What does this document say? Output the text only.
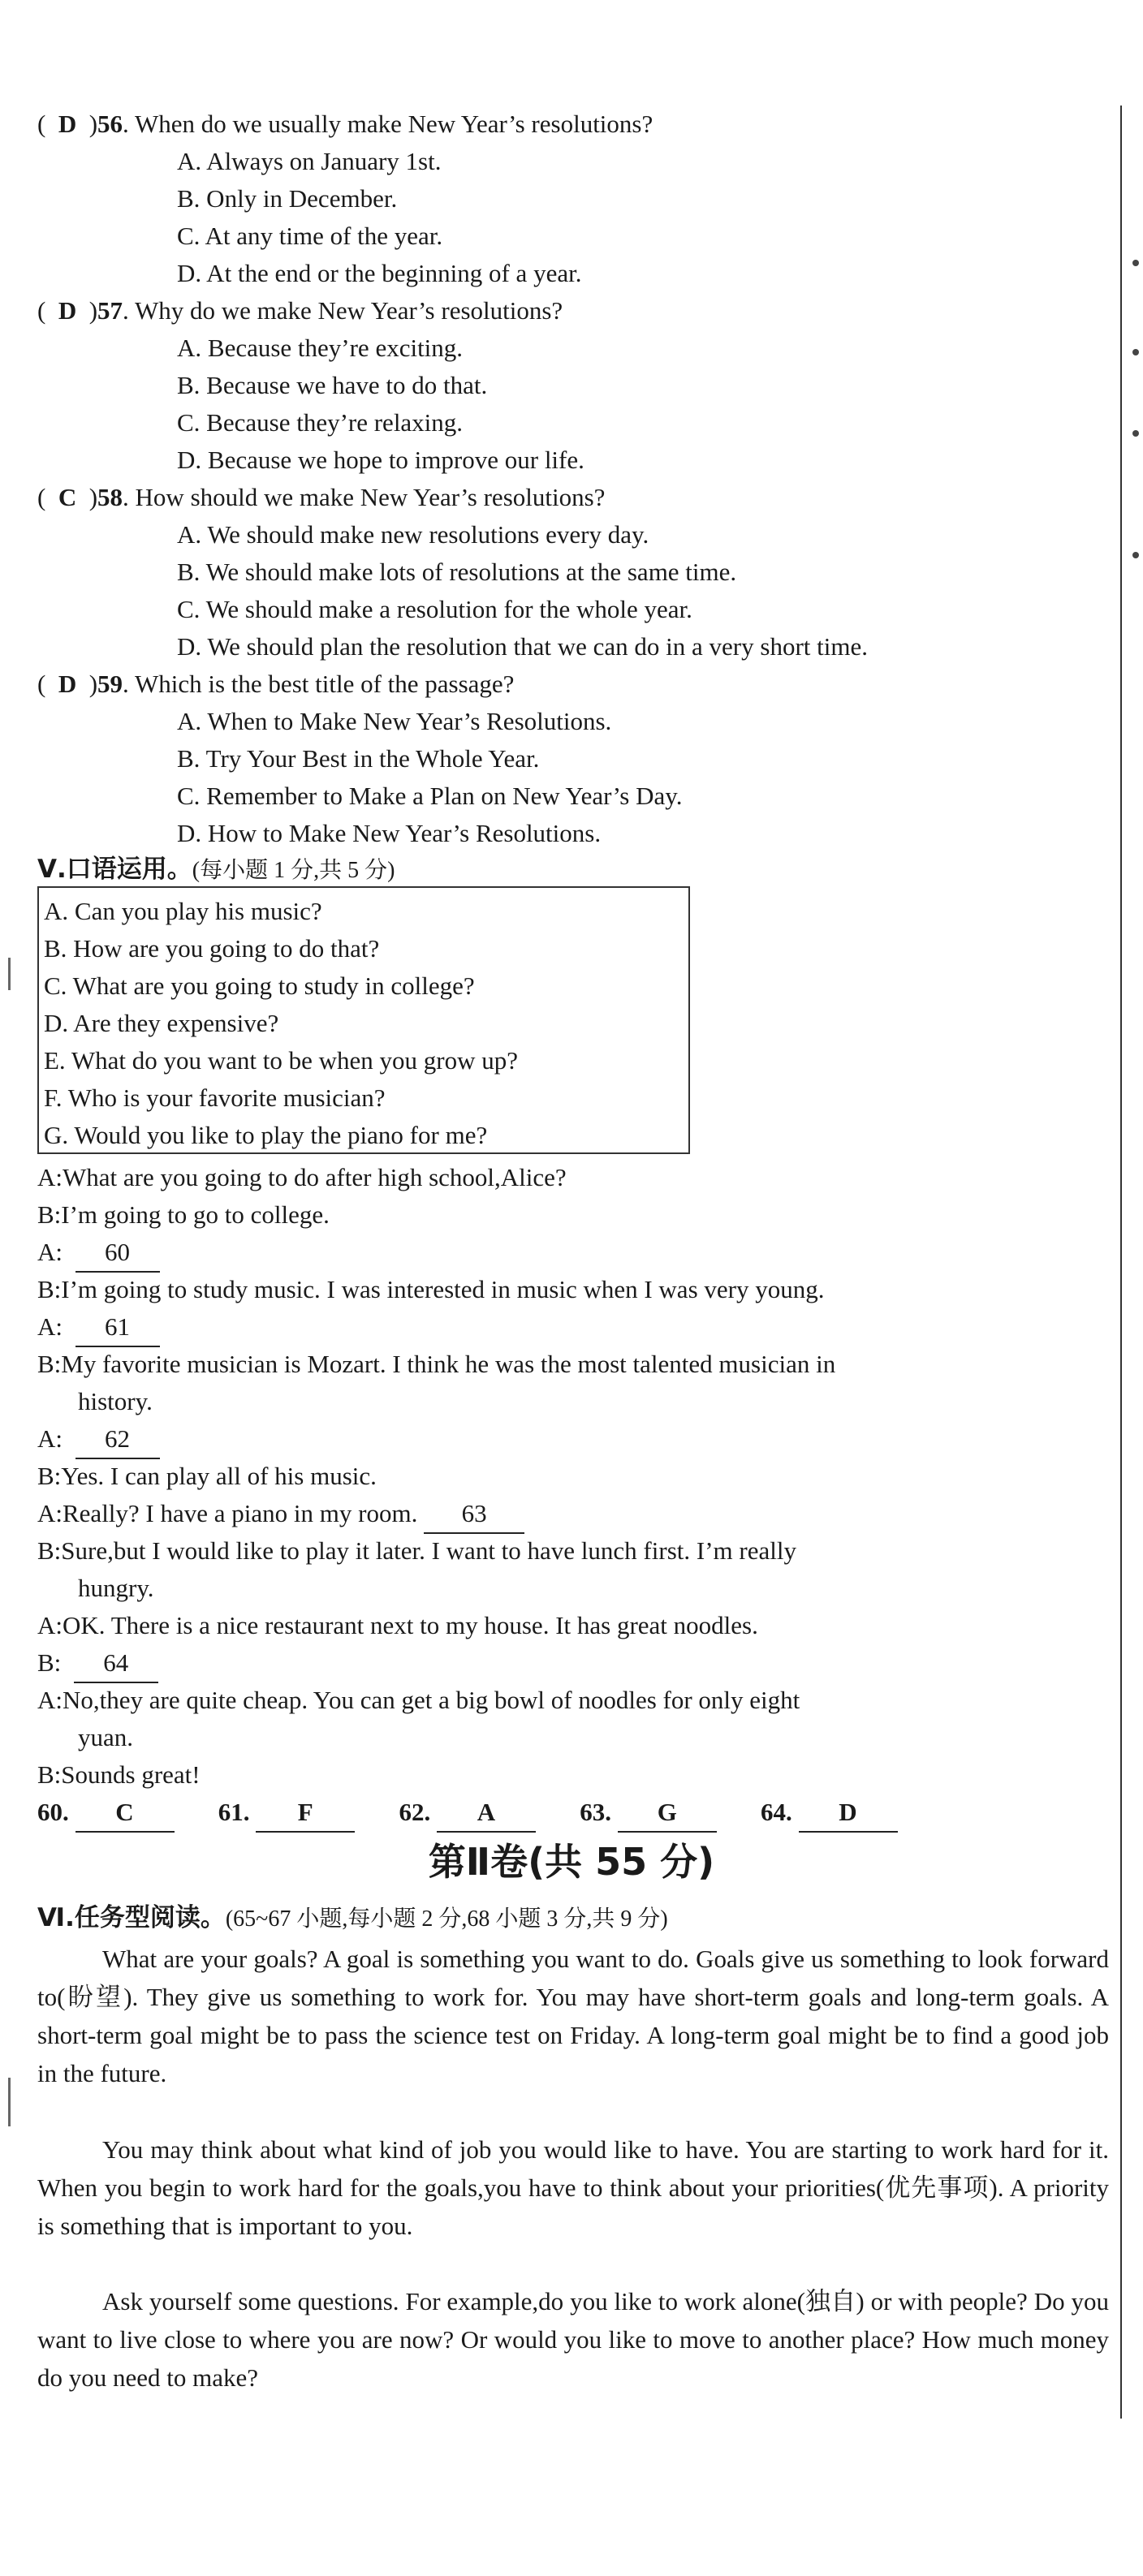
(  D  )56. When do we usually make New Year’s resolutions?
A. Always on January 1st.
B. Only in December.
C. At any time of the year.
D. At the end or the beginning of a year.
(  D  )57. Why do we make New Year’s resolutions?
A. Because they’re exciting.
B. Because we have to do that.
C. Because they’re relaxing.
D. Because we hope to improve our life.
(  C  )58. How should we make New Year’s resolutions?
A. We should make new resolutions every day.
B. We should make lots of resolutions at the same time.
C. We should make a resolution for the whole year.
D. We should plan the resolution that we can do in a very short time.
(  D  )59. Which is the best title of the passage?
A. When to Make New Year’s Resolutions.
B. Try Your Best in the Whole Year.
C. Remember to Make a Plan on New Year’s Day.
D. How to Make New Year’s Resolutions.
Ⅴ.口语运用。(每小题 1 分,共 5 分)
A. Can you play his music?
B. How are you going to do that?
C. What are you going to study in college?
D. Are they expensive?
E. What do you want to be when you grow up?
F. Who is your favorite musician?
G. Would you like to play the piano for me?
A:What are you going to do after high school,Alice?
B:I’m going to go to college.
A: 60
B:I’m going to study music. I was interested in music when I was very young.
A: 61
B:My favorite musician is Mozart. I think he was the most talented musician in
history.
A: 62
B:Yes. I can play all of his music.
A:Really? I have a piano in my room. 63
B:Sure,but I would like to play it later. I want to have lunch first. I’m really
hungry.
A:OK. There is a nice restaurant next to my house. It has great noodles.
B: 64
A:No,they are quite cheap. You can get a big bowl of noodles for only eight
yuan.
B:Sounds great!
60. C	61. F	62. A	63. G	64. D
第Ⅱ卷(共 55 分)
Ⅵ.任务型阅读。(65~67 小题,每小题 2 分,68 小题 3 分,共 9 分)
What are your goals? A goal is something you want to do. Goals give us something to look forward to(盼望). They give us something to work for. You may have short-term goals and long-term goals. A short-term goal might be to pass the science test on Friday. A long-term goal might be to find a good job in the future.
You may think about what kind of job you would like to have. You are starting to work hard for it. When you begin to work hard for the goals,you have to think about your priorities(优先事项). A priority is something that is important to you.
Ask yourself some questions. For example,do you like to work alone(独自) or with people? Do you want to live close to where you are now? Or would you like to move to another place? How much money do you need to make?
